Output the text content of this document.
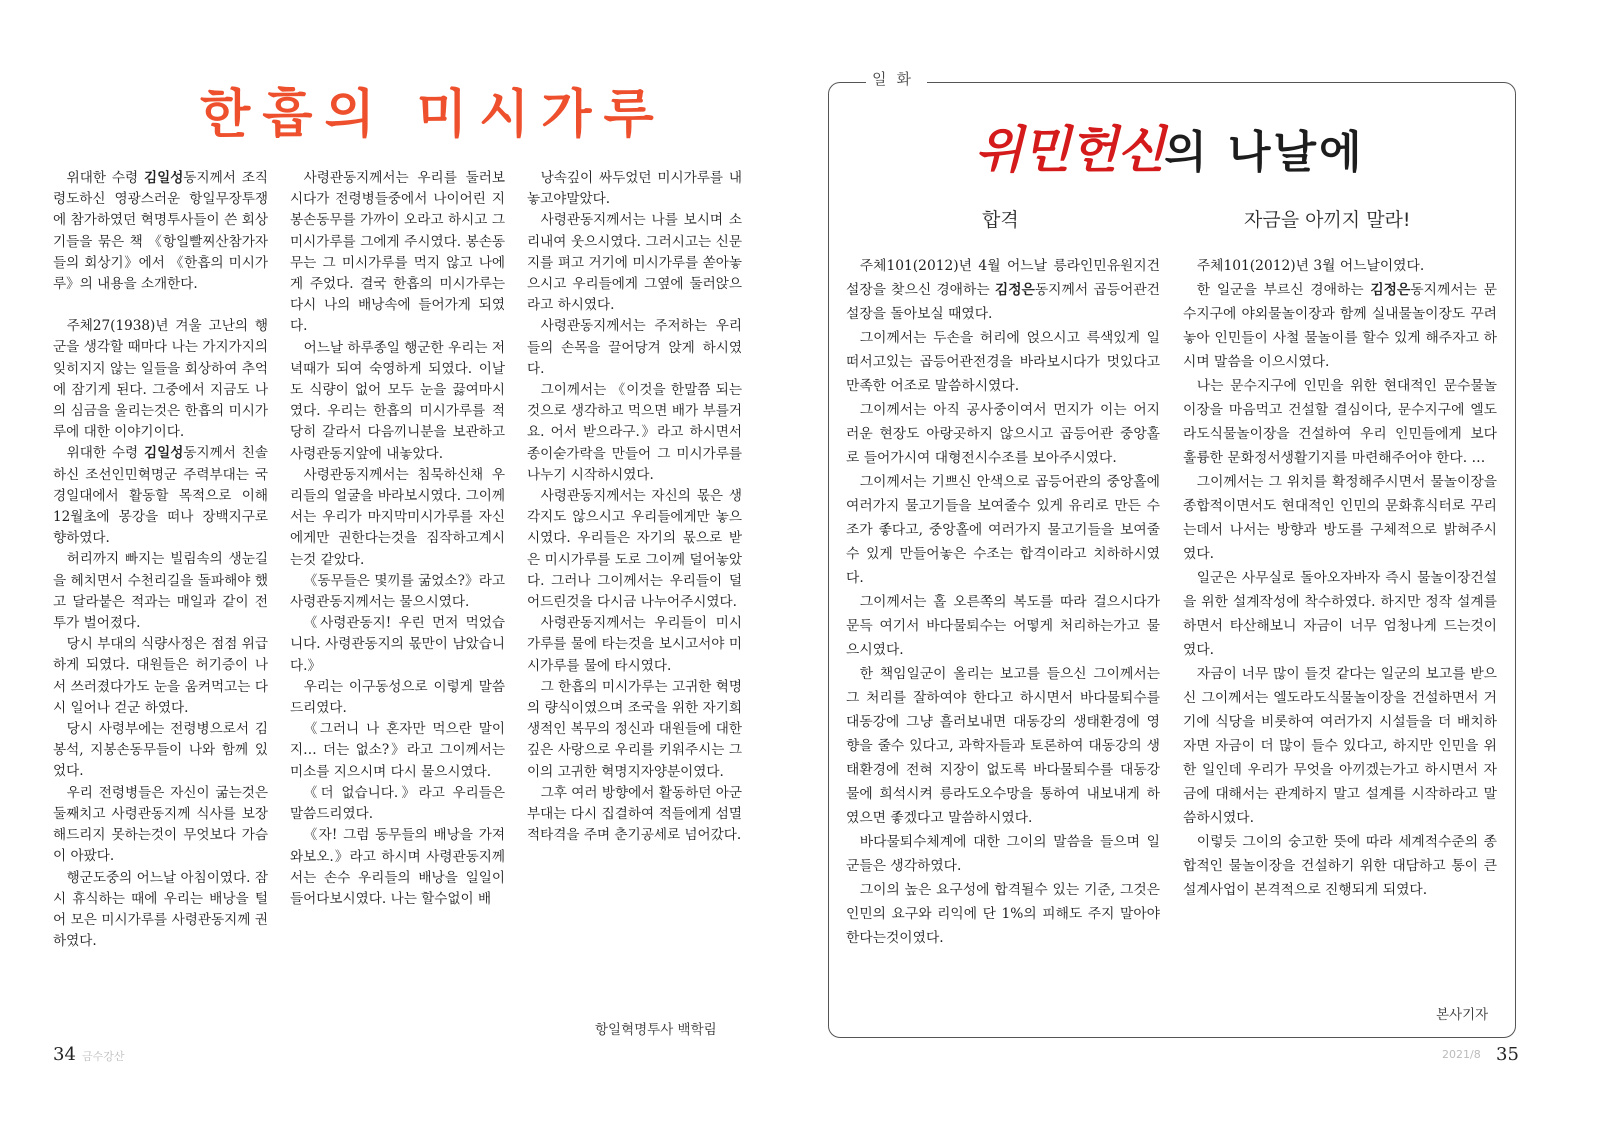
한흡의 미시가루

위대한 수령 김일성동지께서 조직령도하신 영광스러운 항일무장투쟁에 참가하였던 혁명투사들이 쓴 회상기들을 묶은 책 《항일빨찌산참가자들의 회상기》에서 《한흡의 미시가루》의 내용을 소개한다.

주체27(1938)년 겨울 고난의 행군을 생각할 때마다 나는 가지가지의 잊히지지 않는 일들을 회상하여 추억에 잠기게 된다. 그중에서 지금도 나의 심금을 울리는것은 한흡의 미시가루에 대한 이야기이다.

위대한 수령 김일성동지께서 친솔하신 조선인민혁명군 주력부대는 국경일대에서 활동할 목적으로 이해 12월초에 몽강을 떠나 장백지구로 향하였다.

허리까지 빠지는 빌림속의 생눈길을 헤치면서 수천리길을 돌파해야 했고 달라붙은 적과는 매일과 같이 전투가 벌어졌다.

당시 부대의 식량사정은 점점 위급하게 되였다. 대원들은 허기증이 나서 쓰러졌다가도 눈을 움켜먹고는 다시 일어나 걷군 하였다.

당시 사령부에는 전령병으로서 김봉석, 지봉손동무들이 나와 함께 있었다.

우리 전령병들은 자신이 굶는것은 둘째치고 사령관동지께 식사를 보장해드리지 못하는것이 무엇보다 가슴이 아팠다.

행군도중의 어느날 아침이였다. 잠시 휴식하는 때에 우리는 배낭을 털어 모은 미시가루를 사령관동지께 권하였다.

사령관동지께서는 우리를 둘러보시다가 전령병들중에서 나이어린 지봉손동무를 가까이 오라고 하시고 그 미시가루를 그에게 주시였다. 봉손동무는 그 미시가루를 먹지 않고 나에게 주었다. 결국 한흡의 미시가루는 다시 나의 배낭속에 들어가게 되였다.

어느날 하루종일 행군한 우리는 저녁때가 되여 숙영하게 되였다. 이날도 식량이 없어 모두 눈을 끓여마시였다. 우리는 한흡의 미시가루를 적당히 갈라서 다음끼니분을 보관하고 사령관동지앞에 내놓았다.

사령관동지께서는 침묵하신채 우리들의 얼굴을 바라보시였다. 그이께서는 우리가 마지막미시가루를 자신에게만 권한다는것을 짐작하고계시는것 같았다.

《동무들은 몇끼를 굶었소?》라고 사령관동지께서는 물으시였다.

《사령관동지! 우린 먼저 먹었습니다. 사령관동지의 몫만이 남았습니다.》

우리는 이구동성으로 이렇게 말씀드리였다.

《그러니 나 혼자만 먹으란 말이지… 더는 없소?》라고 그이께서는 미소를 지으시며 다시 물으시였다.

《더 없습니다.》라고 우리들은 말씀드리였다.

《자! 그럼 동무들의 배낭을 가져와보오.》라고 하시며 사령관동지께서는 손수 우리들의 배낭을 일일이 들어다보시였다. 나는 할수없이 배

낭속깊이 싸두었던 미시가루를 내놓고야말았다.

사령관동지께서는 나를 보시며 소리내여 웃으시였다. 그러시고는 신문지를 펴고 거기에 미시가루를 쏟아놓으시고 우리들에게 그옆에 둘러앉으라고 하시였다.

사령관동지께서는 주저하는 우리들의 손목을 끌어당겨 앉게 하시였다.

그이께서는 《이것을 한말쯤 되는것으로 생각하고 먹으면 배가 부를거요. 어서 받으라구.》라고 하시면서 종이숟가락을 만들어 그 미시가루를 나누기 시작하시였다.

사령관동지께서는 자신의 몫은 생각지도 않으시고 우리들에게만 놓으시였다. 우리들은 자기의 몫으로 받은 미시가루를 도로 그이께 덜어놓았다. 그러나 그이께서는 우리들이 덜어드린것을 다시금 나누어주시였다.

사령관동지께서는 우리들이 미시가루를 물에 타는것을 보시고서야 미시가루를 물에 타시였다.

그 한흡의 미시가루는 고귀한 혁명의 량식이였으며 조국을 위한 자기희생적인 복무의 정신과 대원들에 대한 깊은 사랑으로 우리를 키워주시는 그이의 고귀한 혁명지자양분이였다.

그후 여러 방향에서 활동하던 아군부대는 다시 집결하여 적들에게 섬멸적타격을 주며 춘기공세로 넘어갔다.

항일혁명투사 백학림
34 금수강산
일화
위민헌신의 나날에
합격	자금을 아끼지 말라!

주체101(2012)년 4월 어느날 릉라인민유원지건설장을 찾으신 경애하는 김정은동지께서 곱등어관건설장을 돌아보실 때였다.

그이께서는 두손을 허리에 얹으시고 륵색있게 일떠서고있는 곱등어관전경을 바라보시다가 멋있다고 만족한 어조로 말씀하시였다.

그이께서는 아직 공사중이여서 먼지가 이는 어지러운 현장도 아랑곳하지 않으시고 곱등어관 중앙홀로 들어가시여 대형전시수조를 보아주시였다.

그이께서는 기쁘신 안색으로 곱등어관의 중앙홀에 여러가지 물고기들을 보여줄수 있게 유리로 만든 수조가 좋다고, 중앙홀에 여러가지 물고기들을 보여줄수 있게 만들어놓은 수조는 합격이라고 치하하시였다.

그이께서는 홀 오른쪽의 복도를 따라 걸으시다가 문득 여기서 바다물퇴수는 어떻게 처리하는가고 물으시였다.

한 책임일군이 올리는 보고를 들으신 그이께서는 그 처리를 잘하여야 한다고 하시면서 바다물퇴수를 대동강에 그냥 흘러보내면 대동강의 생태환경에 영향을 줄수 있다고, 과학자들과 토론하여 대동강의 생태환경에 전혀 지장이 없도록 바다물퇴수를 대동강물에 희석시켜 릉라도오수망을 통하여 내보내게 하였으면 좋겠다고 말씀하시였다.

바다물퇴수체계에 대한 그이의 말씀을 들으며 일군들은 생각하였다.

그이의 높은 요구성에 합격될수 있는 기준, 그것은 인민의 요구와 리익에 단 1%의 피해도 주지 말아야 한다는것이였다.

주체101(2012)년 3월 어느날이였다.

한 일군을 부르신 경애하는 김정은동지께서는 문수지구에 야외물놀이장과 함께 실내물놀이장도 꾸려놓아 인민들이 사철 물놀이를 할수 있게 해주자고 하시며 말씀을 이으시였다.

나는 문수지구에 인민을 위한 현대적인 문수물놀이장을 마음먹고 건설할 결심이다, 문수지구에 엘도라도식물놀이장을 건설하여 우리 인민들에게 보다 훌륭한 문화정서생활기지를 마련해주어야 한다. …

그이께서는 그 위치를 확정해주시면서 물놀이장을 종합적이면서도 현대적인 인민의 문화휴식터로 꾸리는데서 나서는 방향과 방도를 구체적으로 밝혀주시였다.

일군은 사무실로 돌아오자바자 즉시 물놀이장건설을 위한 설계작성에 착수하였다. 하지만 정작 설계를 하면서 타산해보니 자금이 너무 엄청나게 드는것이였다.

자금이 너무 많이 들것 같다는 일군의 보고를 받으신 그이께서는 엘도라도식물놀이장을 건설하면서 거기에 식당을 비롯하여 여러가지 시설들을 더 배치하자면 자금이 더 많이 들수 있다고, 하지만 인민을 위한 일인데 우리가 무엇을 아끼겠는가고 하시면서 자금에 대해서는 관계하지 말고 설계를 시작하라고 말씀하시였다.

이렇듯 그이의 숭고한 뜻에 따라 세계적수준의 종합적인 물놀이장을 건설하기 위한 대담하고 통이 큰 설계사업이 본격적으로 진행되게 되였다.

본사기자
2021/8 35
